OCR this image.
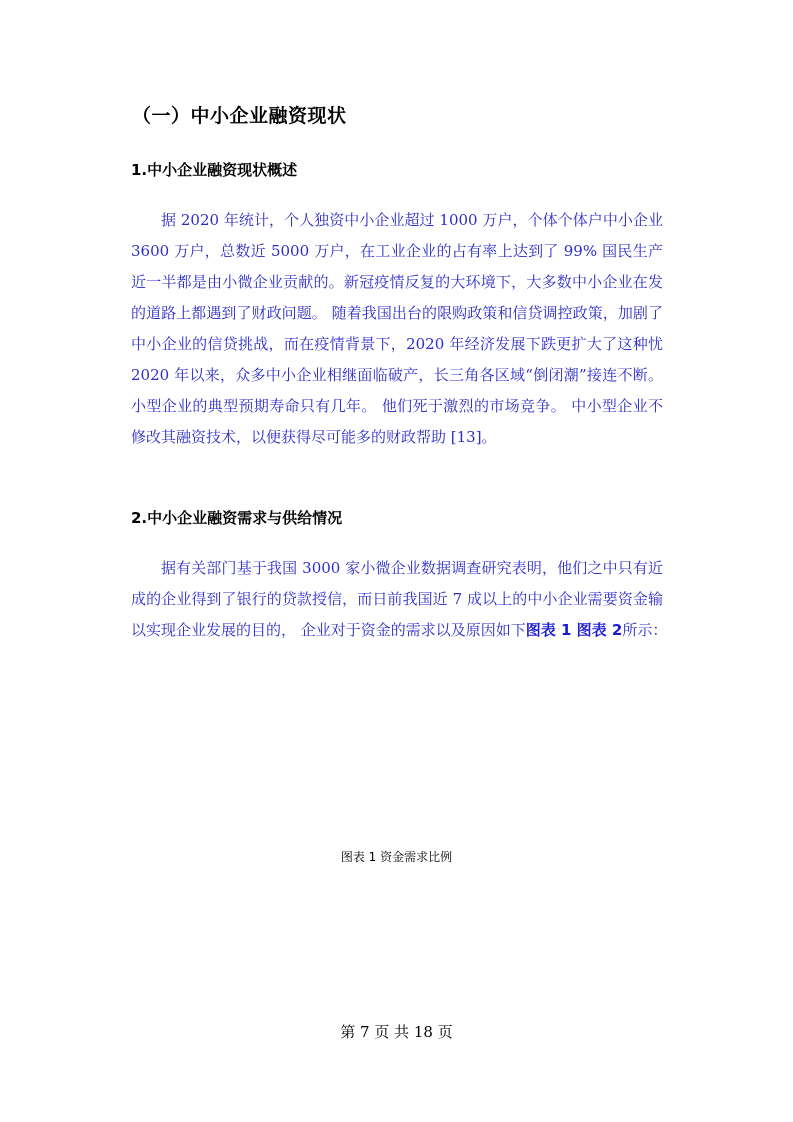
（一）中小企业融资现状
1.中小企业融资现状概述
据 2020 年统计，个人独资中小企业超过 1000 万户，个体个体户中小企业
3600 万户，总数近 5000 万户，在工业企业的占有率上达到了 99% 国民生产
近一半都是由小微企业贡献的。新冠疫情反复的大环境下，大多数中小企业在发
的道路上都遇到了财政问题。 随着我国出台的限购政策和信贷调控政策，加剧了
中小企业的信贷挑战，而在疫情背景下，2020 年经济发展下跌更扩大了这种忧
2020 年以来，众多中小企业相继面临破产，长三角各区域“倒闭潮”接连不断。
小型企业的典型预期寿命只有几年。 他们死于激烈的市场竞争。 中小型企业不
修改其融资技术，以便获得尽可能多的财政帮助 [13]。
2.中小企业融资需求与供给情况
据有关部门基于我国 3000 家小微企业数据调查研究表明，他们之中只有近
成的企业得到了银行的贷款授信，而日前我国近 7 成以上的中小企业需要资金输
以实现企业发展的目的， 企业对于资金的需求以及原因如下图表 1 图表 2所示：
图表 1 资金需求比例
第 7 页 共 18 页
